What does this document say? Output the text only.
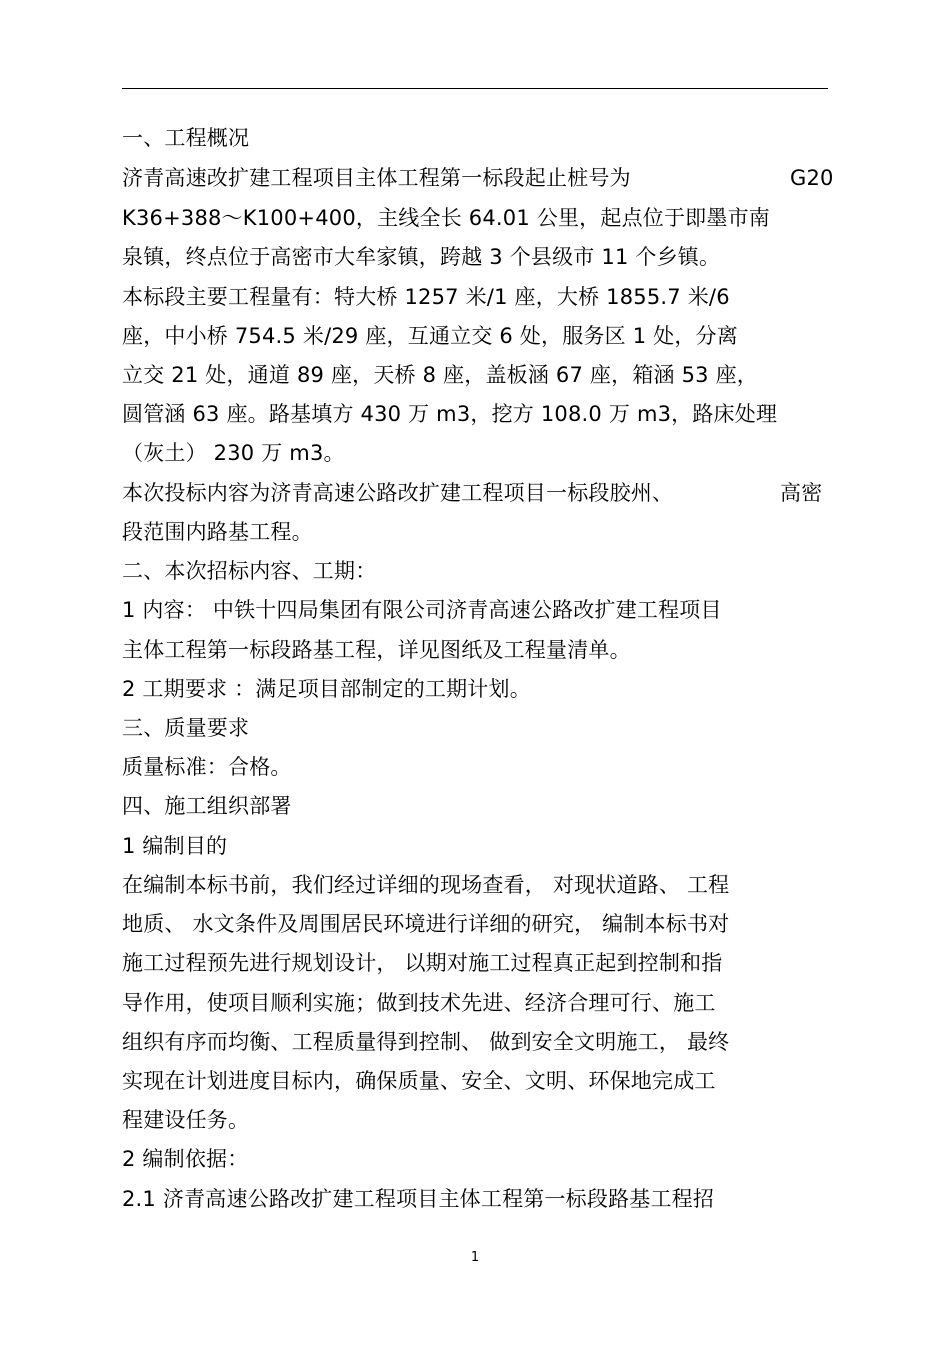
一、工程概况
济青高速改扩建工程项目主体工程第一标段起止桩号为	G20
K36+388～K100+400，主线全长 64.01 公里，起点位于即墨市南
泉镇，终点位于高密市大牟家镇，跨越 3 个县级市 11 个乡镇。
本标段主要工程量有：特大桥 1257 米/1 座，大桥 1855.7 米/6
座，中小桥 754.5 米/29 座，互通立交 6 处，服务区 1 处，分离
立交 21 处，通道 89 座，天桥 8 座，盖板涵 67 座，箱涵 53 座，
圆管涵 63 座。路基填方 430 万 m3，挖方 108.0 万 m3，路床处理
（灰土） 230 万 m3。
本次投标内容为济青高速公路改扩建工程项目一标段胶州、	高密
段范围内路基工程。
二、本次招标内容、工期：
1 内容： 中铁十四局集团有限公司济青高速公路改扩建工程项目
主体工程第一标段路基工程，详见图纸及工程量清单。
2 工期要求 ：满足项目部制定的工期计划。
三、质量要求
质量标准：合格。
四、施工组织部署
1 编制目的
在编制本标书前，我们经过详细的现场查看， 对现状道路、 工程
地质、 水文条件及周围居民环境进行详细的研究， 编制本标书对
施工过程预先进行规划设计， 以期对施工过程真正起到控制和指
导作用，使项目顺利实施；做到技术先进、经济合理可行、施工
组织有序而均衡、工程质量得到控制、 做到安全文明施工， 最终
实现在计划进度目标内，确保质量、安全、文明、环保地完成工
程建设任务。
2 编制依据：
2.1 济青高速公路改扩建工程项目主体工程第一标段路基工程招
1
